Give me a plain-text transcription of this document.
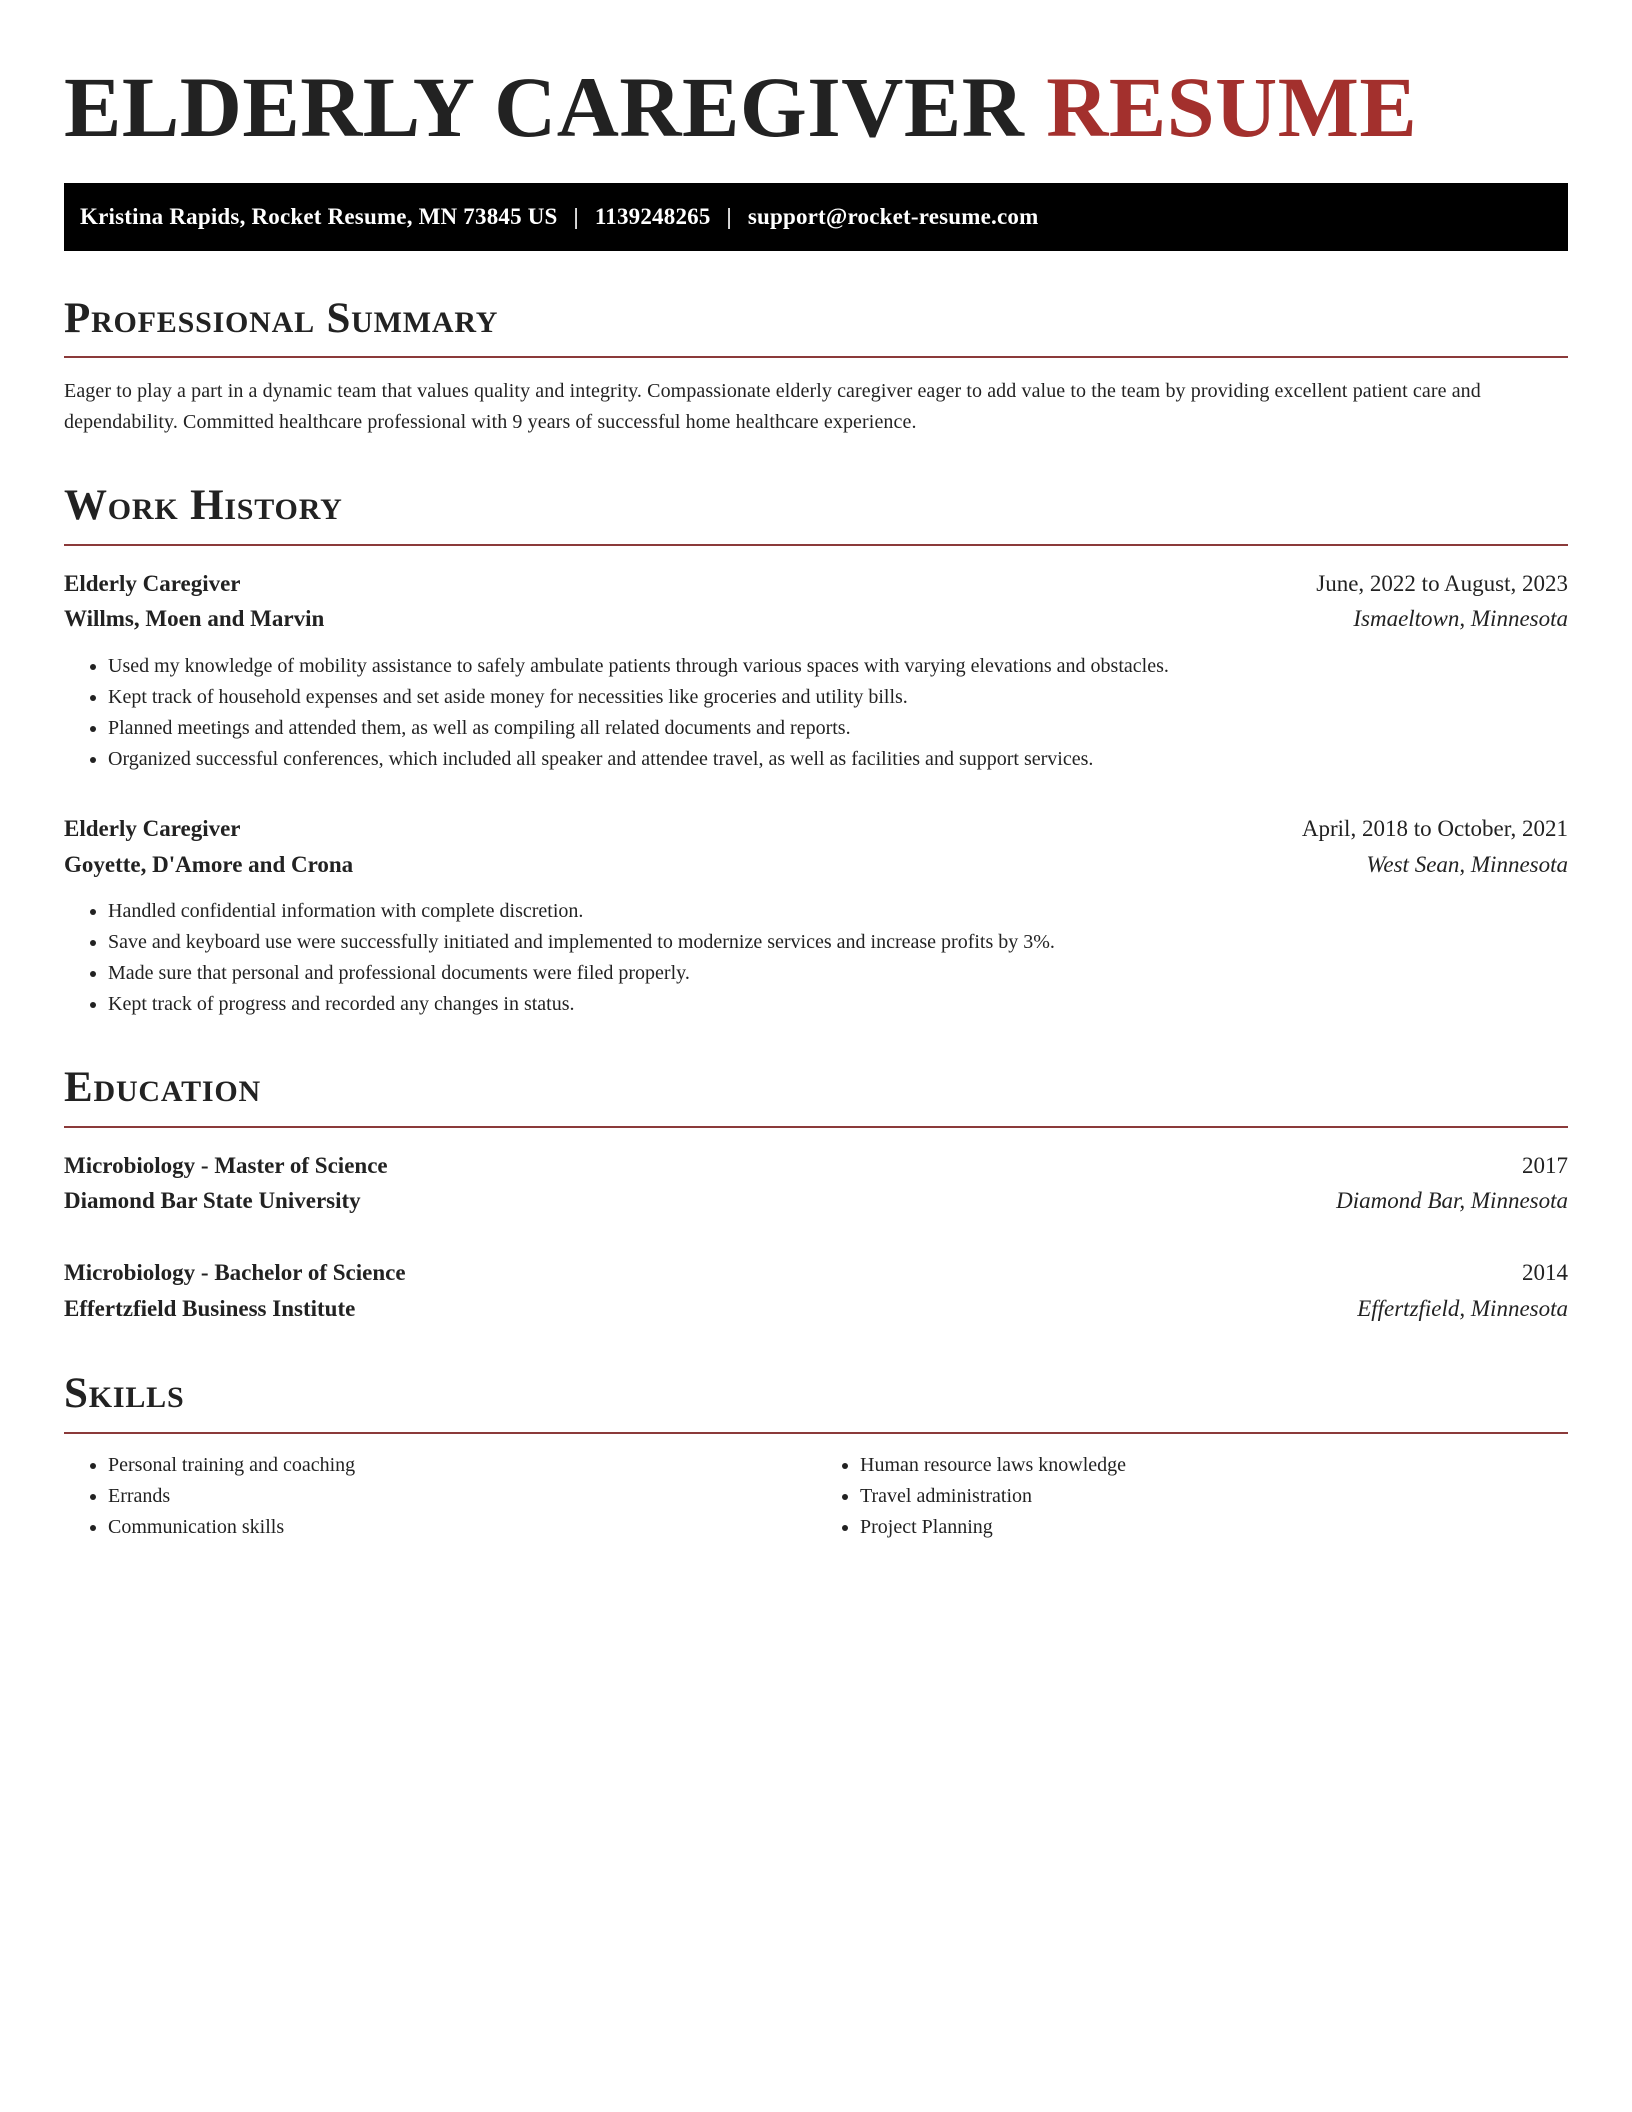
ELDERLY CAREGIVER RESUME
Kristina Rapids, Rocket Resume, MN 73845 US | 1139248265 | support@rocket-resume.com
Professional Summary

Eager to play a part in a dynamic team that values quality and integrity. Compassionate elderly caregiver eager to add value to the team by providing excellent patient care and dependability. Committed healthcare professional with 9 years of successful home healthcare experience.

Work History
Elderly Caregiver	June, 2022 to August, 2023
Willms, Moen and Marvin	Ismaeltown, Minnesota
• Used my knowledge of mobility assistance to safely ambulate patients through various spaces with varying elevations and obstacles.
• Kept track of household expenses and set aside money for necessities like groceries and utility bills.
• Planned meetings and attended them, as well as compiling all related documents and reports.
• Organized successful conferences, which included all speaker and attendee travel, as well as facilities and support services.
Elderly Caregiver	April, 2018 to October, 2021
Goyette, D'Amore and Crona	West Sean, Minnesota
• Handled confidential information with complete discretion.
• Save and keyboard use were successfully initiated and implemented to modernize services and increase profits by 3%.
• Made sure that personal and professional documents were filed properly.
• Kept track of progress and recorded any changes in status.
Education
Microbiology - Master of Science	2017
Diamond Bar State University	Diamond Bar, Minnesota
Microbiology - Bachelor of Science	2014
Effertzfield Business Institute	Effertzfield, Minnesota
Skills
• Personal training and coaching
• Errands
• Communication skills
• Human resource laws knowledge
• Travel administration
• Project Planning
